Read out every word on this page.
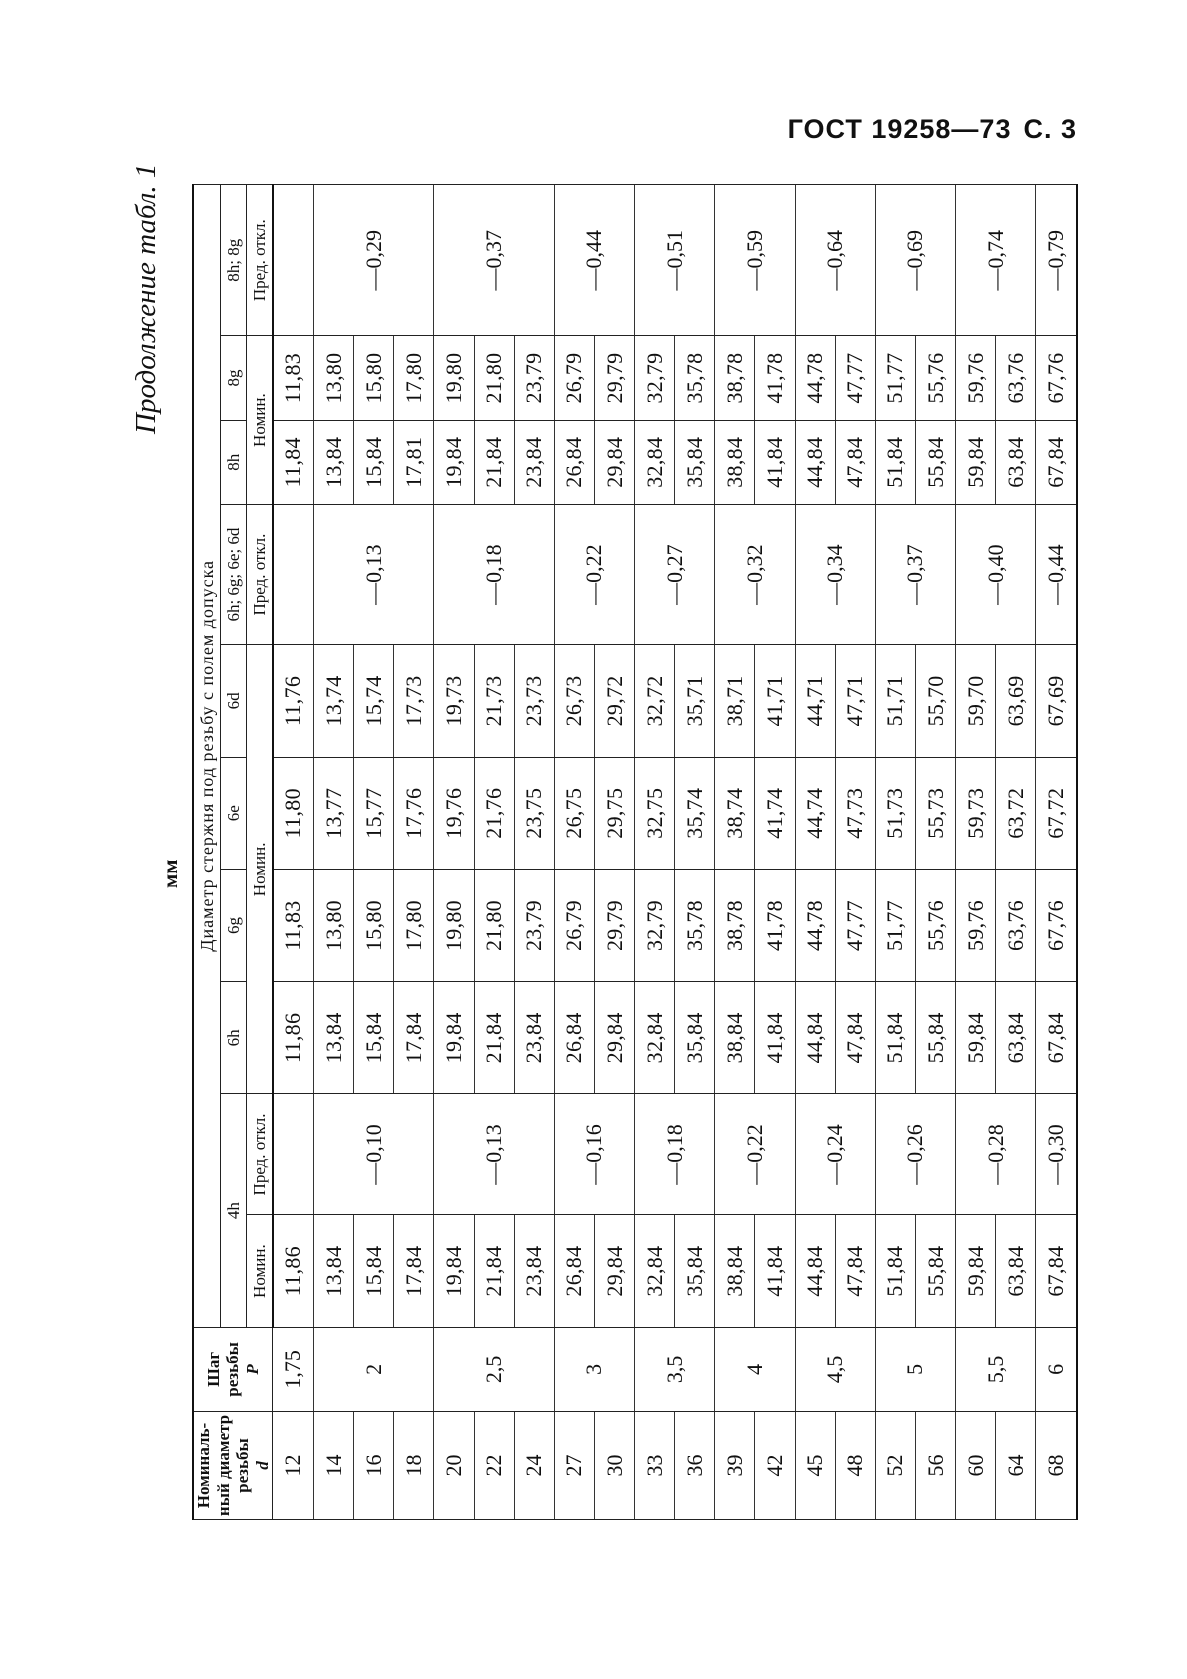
ГОСТ 19258—73 С. 3
Продолжение табл. 1
мм
Номиналь-ный диаметр резьбы
d	Шаг резьбы
P	Диаметр стержня под резьбу с полем допуска									
		4h		6h	6g	6e	6d	6h; 6g; 6e; 6d	8h	8g	8h; 8g
		Номин.	Пред. откл.	Номин.				Пред. откл.	Номин.		Пред. откл.
12	1,75	11,86		11,86	11,83	11,80	11,76		11,84	11,83	
14	2	13,84	—0,10	13,84	13,80	13,77	13,74	—0,13	13,84	13,80	—0,29
16		15,84		15,84	15,80	15,77	15,74		15,84	15,80	
18		17,84		17,84	17,80	17,76	17,73		17,81	17,80	
20	2,5	19,84	—0,13	19,84	19,80	19,76	19,73	—0,18	19,84	19,80	—0,37
22		21,84		21,84	21,80	21,76	21,73		21,84	21,80	
24		23,84		23,84	23,79	23,75	23,73		23,84	23,79	
27	3	26,84	—0,16	26,84	26,79	26,75	26,73	—0,22	26,84	26,79	—0,44
30		29,84		29,84	29,79	29,75	29,72		29,84	29,79	
33	3,5	32,84	—0,18	32,84	32,79	32,75	32,72	—0,27	32,84	32,79	—0,51
36		35,84		35,84	35,78	35,74	35,71		35,84	35,78	
39	4	38,84	—0,22	38,84	38,78	38,74	38,71	—0,32	38,84	38,78	—0,59
42		41,84		41,84	41,78	41,74	41,71		41,84	41,78	
45	4,5	44,84	—0,24	44,84	44,78	44,74	44,71	—0,34	44,84	44,78	—0,64
48		47,84		47,84	47,77	47,73	47,71		47,84	47,77	
52	5	51,84	—0,26	51,84	51,77	51,73	51,71	—0,37	51,84	51,77	—0,69
56		55,84		55,84	55,76	55,73	55,70		55,84	55,76	
60	5,5	59,84	—0,28	59,84	59,76	59,73	59,70	—0,40	59,84	59,76	—0,74
64		63,84		63,84	63,76	63,72	63,69		63,84	63,76	
68	6	67,84	—0,30	67,84	67,76	67,72	67,69	—0,44	67,84	67,76	—0,79
